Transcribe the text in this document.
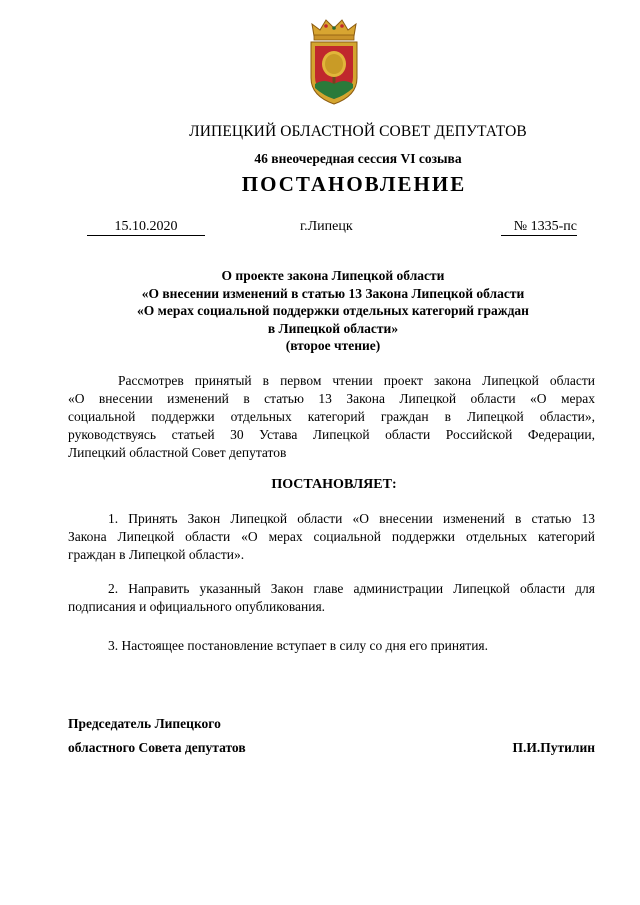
ЛИПЕЦКИЙ ОБЛАСТНОЙ СОВЕТ ДЕПУТАТОВ
46 внеочередная сессия VI созыва
ПОСТАНОВЛЕНИЕ
15.10.2020	г.Липецк	№ 1335-пс
О проекте закона Липецкой области
«О внесении изменений в статью 13 Закона Липецкой области
«О мерах социальной поддержки отдельных категорий граждан
в Липецкой области»
(второе чтение)
Рассмотрев принятый в первом чтении проект закона Липецкой области
«О внесении изменений в статью 13 Закона Липецкой области «О мерах
социальной поддержки отдельных категорий граждан в Липецкой области»,
руководствуясь статьей 30 Устава Липецкой области Российской Федерации,
Липецкий областной Совет депутатов
ПОСТАНОВЛЯЕТ:
1. Принять Закон Липецкой области «О внесении изменений в статью 13
Закона Липецкой области «О мерах социальной поддержки отдельных категорий
граждан в Липецкой области».
2. Направить указанный Закон главе администрации Липецкой области для
подписания и официального опубликования.
3. Настоящее постановление вступает в силу со дня его принятия.
Председатель Липецкого
областного Совета депутатов	П.И.Путилин
